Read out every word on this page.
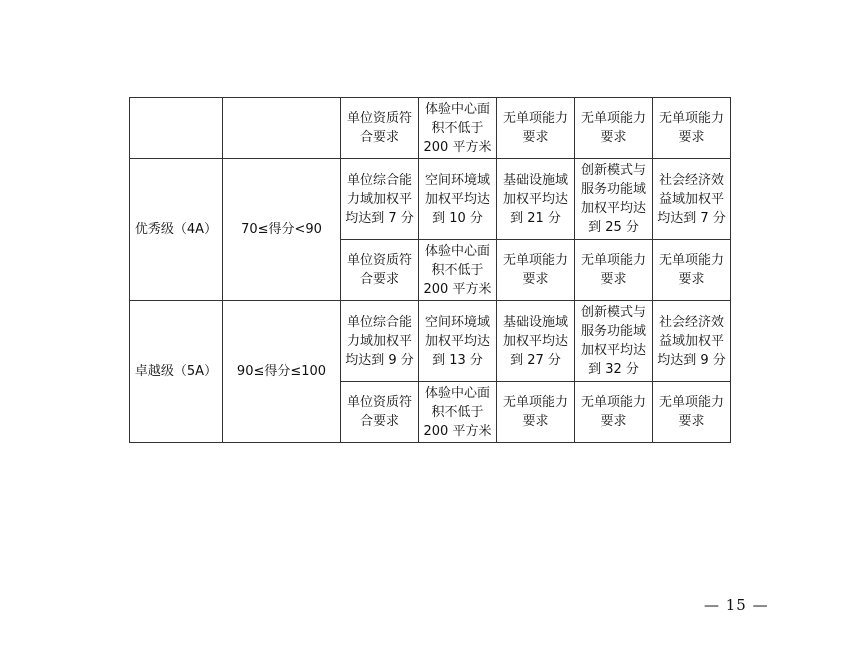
		单位资质符
合要求	体验中心面
积不低于
200 平方米	无单项能力
要求	无单项能力
要求	无单项能力
要求

优秀级（4A）	70≤得分<90	单位综合能
力域加权平
均达到 7 分	空间环境域
加权平均达
到 10 分	基础设施域
加权平均达
到 21 分	创新模式与
服务功能域
加权平均达
到 25 分	社会经济效
益域加权平
均达到 7 分

		单位资质符
合要求	体验中心面
积不低于
200 平方米	无单项能力
要求	无单项能力
要求	无单项能力
要求

卓越级（5A）	90≤得分≤100	单位综合能
力域加权平
均达到 9 分	空间环境域
加权平均达
到 13 分	基础设施域
加权平均达
到 27 分	创新模式与
服务功能域
加权平均达
到 32 分	社会经济效
益域加权平
均达到 9 分

		单位资质符
合要求	体验中心面
积不低于
200 平方米	无单项能力
要求	无单项能力
要求	无单项能力
要求
— 15 —
